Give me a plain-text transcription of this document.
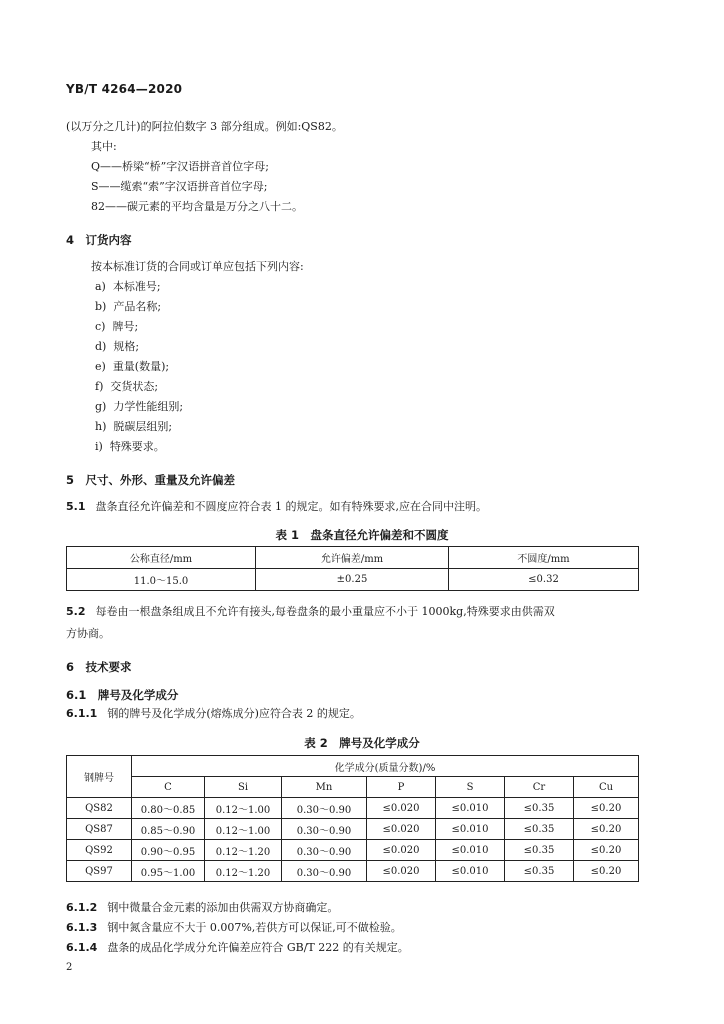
YB/T 4264—2020
(以万分之几计)的阿拉伯数字 3 部分组成。例如:QS82。
其中:
Q——桥梁“桥”字汉语拼音首位字母;
S——缆索“索”字汉语拼音首位字母;
82——碳元素的平均含量是万分之八十二。
4　订货内容
按本标准订货的合同或订单应包括下列内容:
a) 本标准号;
b) 产品名称;
c) 牌号;
d) 规格;
e) 重量(数量);
f) 交货状态;
g) 力学性能组别;
h) 脱碳层组别;
i) 特殊要求。
5　尺寸、外形、重量及允许偏差
5.1 盘条直径允许偏差和不圆度应符合表 1 的规定。如有特殊要求,应在合同中注明。
表 1　盘条直径允许偏差和不圆度
公称直径/mm	允许偏差/mm	不圆度/mm
11.0～15.0	±0.25	≤0.32
5.2 每卷由一根盘条组成且不允许有接头,每卷盘条的最小重量应不小于 1000kg,特殊要求由供需双
方协商。
6　技术要求
6.1　牌号及化学成分
6.1.1 钢的牌号及化学成分(熔炼成分)应符合表 2 的规定。
表 2　牌号及化学成分
钢牌号	化学成分(质量分数)/%						
	C	Si	Mn	P	S	Cr	Cu
QS82	0.80～0.85	0.12～1.00	0.30～0.90	≤0.020	≤0.010	≤0.35	≤0.20
QS87	0.85～0.90	0.12～1.00	0.30～0.90	≤0.020	≤0.010	≤0.35	≤0.20
QS92	0.90～0.95	0.12～1.20	0.30～0.90	≤0.020	≤0.010	≤0.35	≤0.20
QS97	0.95～1.00	0.12～1.20	0.30～0.90	≤0.020	≤0.010	≤0.35	≤0.20
6.1.2 钢中微量合金元素的添加由供需双方协商确定。
6.1.3 钢中氮含量应不大于 0.007%,若供方可以保证,可不做检验。
6.1.4 盘条的成品化学成分允许偏差应符合 GB/T 222 的有关规定。
2
